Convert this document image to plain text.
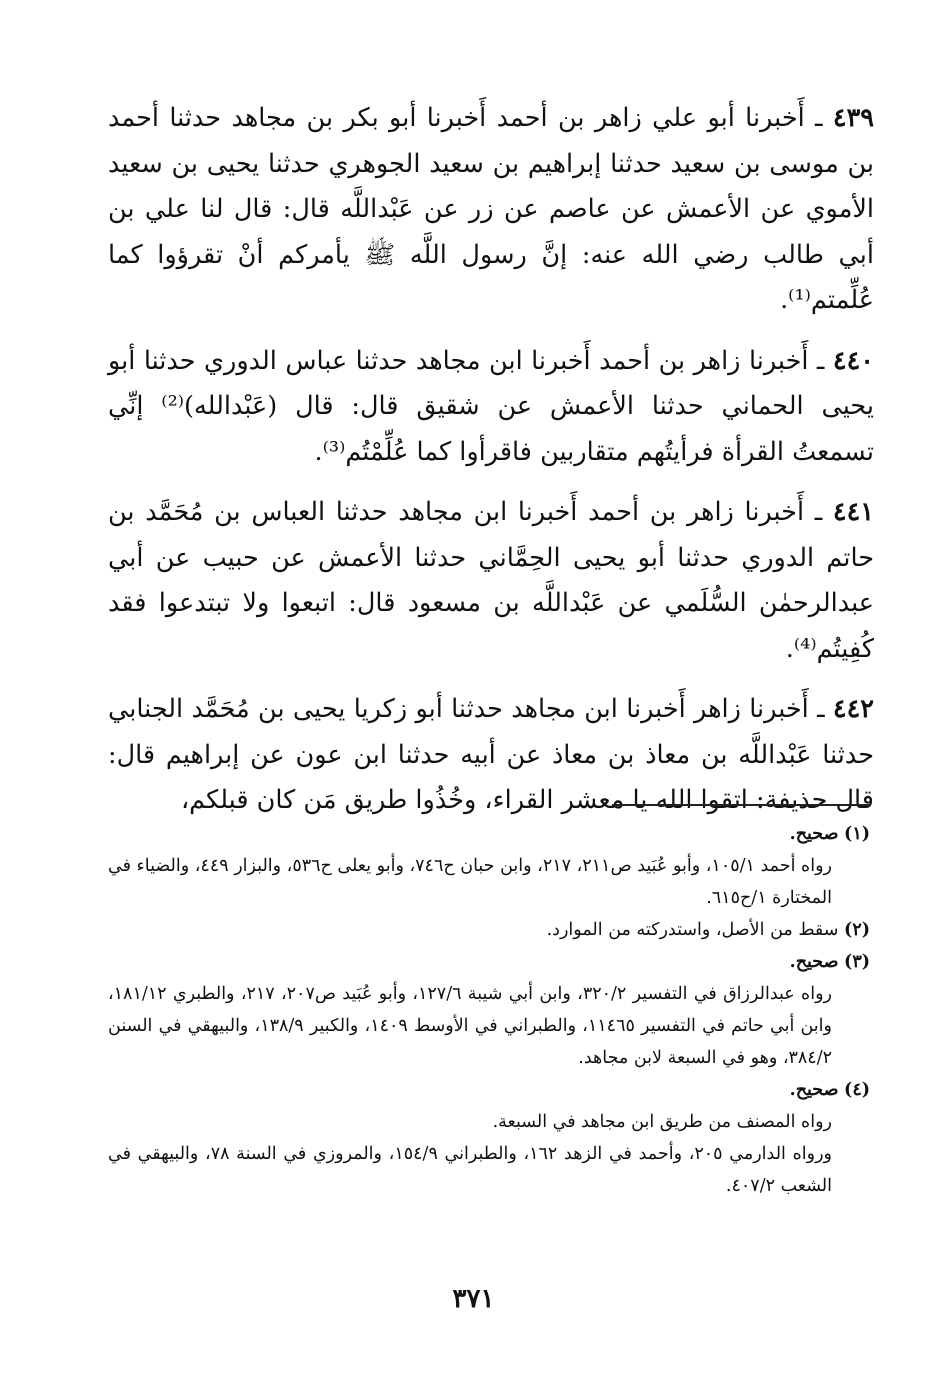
٤٣٩ ـ أَخبرنا أبو علي زاهر بن أحمد أَخبرنا أبو بكر بن مجاهد حدثنا أحمد بن موسى بن سعيد حدثنا إبراهيم بن سعيد الجوهري حدثنا يحيى بن سعيد الأموي عن الأعمش عن عاصم عن زر عن عَبْداللَّه قال: قال لنا علي بن أبي طالب رضي الله عنه: إنَّ رسول اللَّه ﷺ يأمركم أنْ تقرؤوا كما عُلِّمتم⁽¹⁾.

٤٤٠ ـ أَخبرنا زاهر بن أحمد أَخبرنا ابن مجاهد حدثنا عباس الدوري حدثنا أبو يحيى الحماني حدثنا الأعمش عن شقيق قال: قال (عَبْدالله)⁽²⁾ إنِّي تسمعتُ القرأة فرأيتُهم متقاربين فاقرأوا كما عُلِّمْتُم⁽³⁾.

٤٤١ ـ أَخبرنا زاهر بن أحمد أَخبرنا ابن مجاهد حدثنا العباس بن مُحَمَّد بن حاتم الدوري حدثنا أبو يحيى الحِمَّاني حدثنا الأعمش عن حبيب عن أبي عبدالرحمٰن السُّلَمي عن عَبْداللَّه بن مسعود قال: اتبعوا ولا تبتدعوا فقد كُفِيتُم⁽⁴⁾.

٤٤٢ ـ أَخبرنا زاهر أَخبرنا ابن مجاهد حدثنا أبو زكريا يحيى بن مُحَمَّد الجنابي حدثنا عَبْداللَّه بن معاذ بن معاذ عن أبيه حدثنا ابن عون عن إبراهيم قال: قال حذيفة: اتقوا الله يا معشر القراء، وخُذُوا طريق مَن كان قبلكم،

(١) صحيح.
رواه أحمد ١٠٥/١، وأبو عُبَيد ص٢١١، ٢١٧، وابن حبان ح٧٤٦، وأبو يعلى ح٥٣٦، والبزار ٤٤٩، والضياء في المختارة ١/ح٦١٥.
(٢) سقط من الأصل، واستدركته من الموارد.
(٣) صحيح.
رواه عبدالرزاق في التفسير ٣٢٠/٢، وابن أبي شيبة ١٢٧/٦، وأبو عُبَيد ص٢٠٧، ٢١٧، والطبري ١٨١/١٢، وابن أبي حاتم في التفسير ١١٤٦٥، والطبراني في الأوسط ١٤٠٩، والكبير ١٣٨/٩، والبيهقي في السنن ٣٨٤/٢، وهو في السبعة لابن مجاهد.
(٤) صحيح.
رواه المصنف من طريق ابن مجاهد في السبعة.
ورواه الدارمي ٢٠٥، وأحمد في الزهد ١٦٢، والطبراني ١٥٤/٩، والمروزي في السنة ٧٨، والبيهقي في الشعب ٤٠٧/٢.
٣٧١
